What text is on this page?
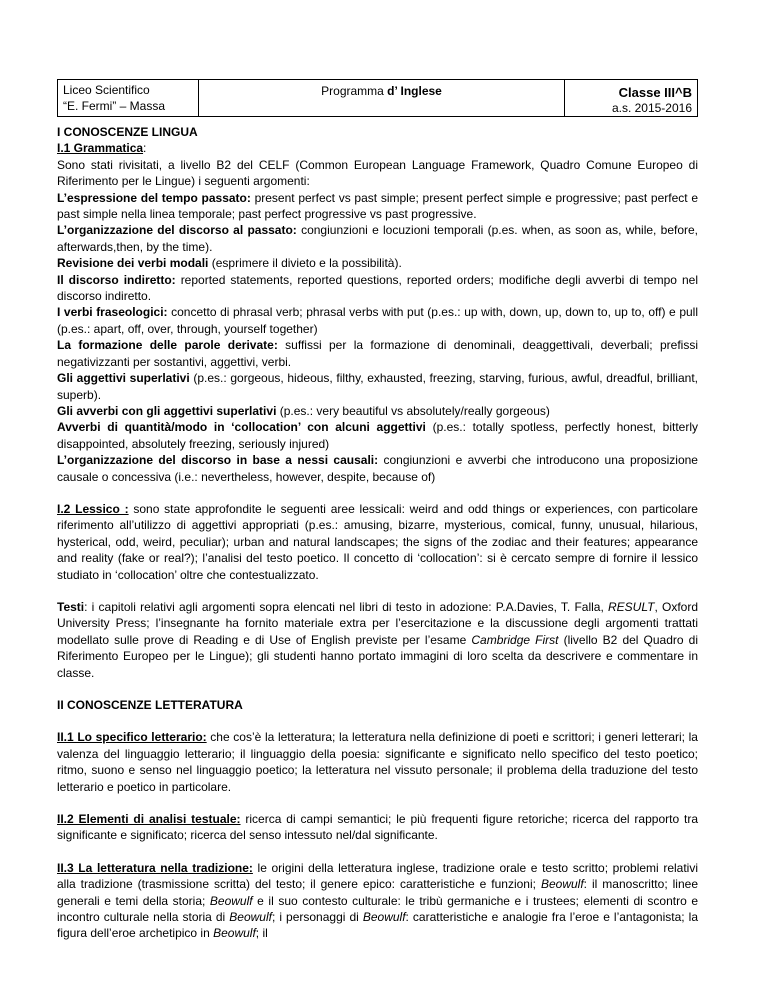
Liceo Scientifico
“E. Fermi” – Massa
Programma d’ Inglese	Classe III^B
a.s. 2015-2016

I CONOSCENZE LINGUA

I.1 Grammatica:

Sono stati rivisitati, a livello B2 del CELF (Common European Language Framework, Quadro Comune Europeo di Riferimento per le Lingue) i seguenti argomenti:

L’espressione del tempo passato: present perfect vs past simple; present perfect simple e progressive; past perfect e past simple nella linea temporale; past perfect progressive vs past progressive.

L’organizzazione del discorso al passato: congiunzioni e locuzioni temporali (p.es. when, as soon as, while, before, afterwards,then, by the time).

Revisione dei verbi modali (esprimere il divieto e la possibilità).

Il discorso indiretto: reported statements, reported questions, reported orders; modifiche degli avverbi di tempo nel discorso indiretto.

I verbi fraseologici: concetto di phrasal verb; phrasal verbs with put (p.es.: up with, down, up, down to, up to, off) e pull (p.es.: apart, off, over, through, yourself together)

La formazione delle parole derivate: suffissi per la formazione di denominali, deaggettivali, deverbali; prefissi negativizzanti per sostantivi, aggettivi, verbi.

Gli aggettivi superlativi (p.es.: gorgeous, hideous, filthy, exhausted, freezing, starving, furious, awful, dreadful, brilliant, superb).

Gli avverbi con gli aggettivi superlativi (p.es.: very beautiful vs absolutely/really gorgeous)

Avverbi di quantità/modo in ‘collocation’ con alcuni aggettivi (p.es.: totally spotless, perfectly honest, bitterly disappointed, absolutely freezing, seriously injured)

L’organizzazione del discorso in base a nessi causali: congiunzioni e avverbi che introducono una proposizione causale o concessiva (i.e.: nevertheless, however, despite, because of)

I.2 Lessico : sono state approfondite le seguenti aree lessicali: weird and odd things or experiences, con particolare riferimento all’utilizzo di aggettivi appropriati (p.es.: amusing, bizarre, mysterious, comical, funny, unusual, hilarious, hysterical, odd, weird, peculiar); urban and natural landscapes; the signs of the zodiac and their features; appearance and reality (fake or real?); l’analisi del testo poetico. Il concetto di ‘collocation’: si è cercato sempre di fornire il lessico studiato in ‘collocation’ oltre che contestualizzato.

Testi: i capitoli relativi agli argomenti sopra elencati nel libri di testo in adozione: P.A.Davies, T. Falla, RESULT, Oxford University Press; l’insegnante ha fornito materiale extra per l’esercitazione e la discussione degli argomenti trattati modellato sulle prove di Reading e di Use of English previste per l’esame Cambridge First (livello B2 del Quadro di Riferimento Europeo per le Lingue); gli studenti hanno portato immagini di loro scelta da descrivere e commentare in classe.

II CONOSCENZE LETTERATURA

II.1 Lo specifico letterario: che cos’è la letteratura; la letteratura nella definizione di poeti e scrittori; i generi letterari; la valenza del linguaggio letterario; il linguaggio della poesia: significante e significato nello specifico del testo poetico; ritmo, suono e senso nel linguaggio poetico; la letteratura nel vissuto personale; il problema della traduzione del testo letterario e poetico in particolare.

II.2 Elementi di analisi testuale: ricerca di campi semantici; le più frequenti figure retoriche; ricerca del rapporto tra significante e significato; ricerca del senso intessuto nel/dal significante.

II.3 La letteratura nella tradizione: le origini della letteratura inglese, tradizione orale e testo scritto; problemi relativi alla tradizione (trasmissione scritta) del testo; il genere epico: caratteristiche e funzioni; Beowulf: il manoscritto; linee generali e temi della storia; Beowulf e il suo contesto culturale: le tribù germaniche e i trustees; elementi di scontro e incontro culturale nella storia di Beowulf; i personaggi di Beowulf: caratteristiche e analogie fra l’eroe e l’antagonista; la figura dell’eroe archetipico in Beowulf; il
